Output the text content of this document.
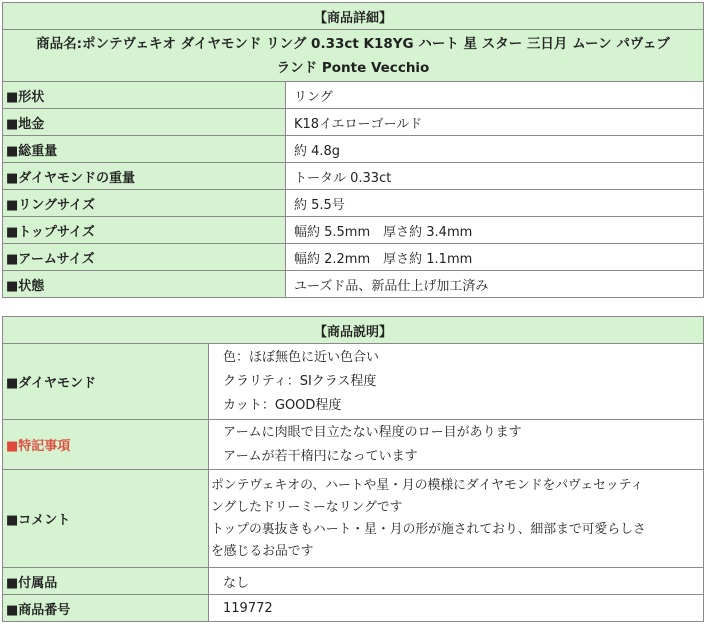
【商品詳細】	

商品名:ポンテヴェキオ ダイヤモンド リング 0.33ct K18YG ハート 星 スター 三日月 ムーン パヴェブ
ランド Ponte Vecchio	

■形状	リング
■地金	K18イエローゴールド
■総重量	約 4.8g
■ダイヤモンドの重量	トータル 0.33ct
■リングサイズ	約 5.5号
■トップサイズ	幅約 5.5mm　厚さ約 3.4mm
■アームサイズ	幅約 2.2mm　厚さ約 1.1mm
■状態	ユーズド品、新品仕上げ加工済み
【商品説明】	
■ダイヤモンド	色：ほぼ無色に近い色合い
クラリティ：SIクラス程度
カット：GOOD程度

■特記事項	アームに肉眼で目立たない程度のロー目があります
アームが若干楕円になっています

■コメント	ポンテヴェキオの、ハートや星・月の模様にダイヤモンドをパヴェセッティ
ングしたドリーミーなリングです
トップの裏抜きもハート・星・月の形が施されており、細部まで可愛らしさ
を感じるお品です

■付属品	なし
■商品番号	119772
